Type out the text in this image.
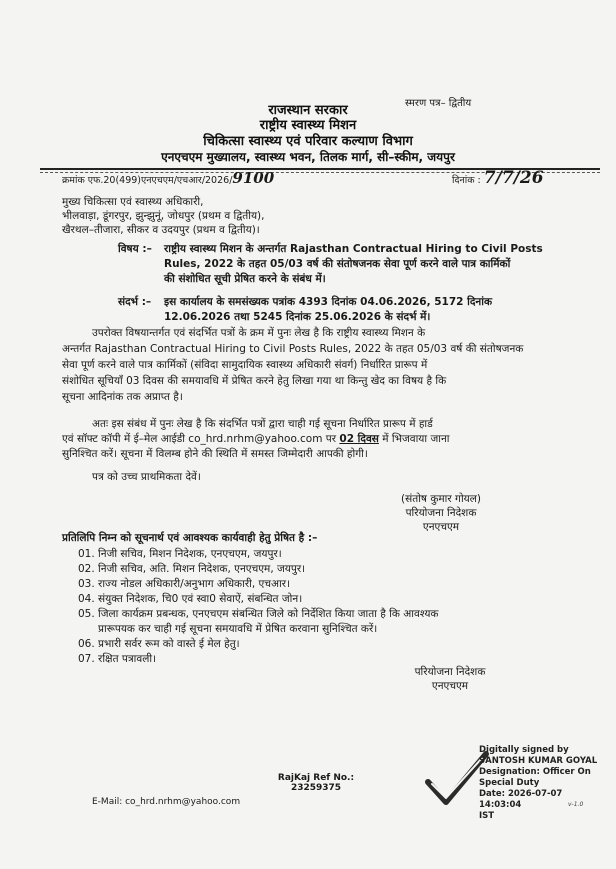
स्मरण पत्र– द्वितीय
राजस्थान सरकार
राष्ट्रीय स्वास्थ्य मिशन
चिकित्सा स्वास्थ्य एवं परिवार कल्याण विभाग
एनएचएम मुख्यालय, स्वास्थ्य भवन, तिलक मार्ग, सी–स्कीम, जयपुर
क्रमांक एफ.20(499)एनएचएम/एचआर/2026/9100	दिनांक : 7/7/26
मुख्य चिकित्सा एवं स्वास्थ्य अधिकारी,
भीलवाड़ा, डूंगरपुर, झुन्झुनूं, जोधपुर (प्रथम व द्वितीय),
खैरथल–तीजारा, सीकर व उदयपुर (प्रथम व द्वितीय)।
विषय :– राष्ट्रीय स्वास्थ्य मिशन के अन्तर्गत Rajasthan Contractual Hiring to Civil Posts
Rules, 2022 के तहत 05/03 वर्ष की संतोषजनक सेवा पूर्ण करने वाले पात्र कार्मिकों
की संशोधित सूची प्रेषित करने के संबंध में।
संदर्भ :– इस कार्यालय के समसंख्यक पत्रांक 4393 दिनांक 04.06.2026, 5172 दिनांक
12.06.2026 तथा 5245 दिनांक 25.06.2026 के संदर्भ में।
उपरोक्त विषयान्तर्गत एवं संदर्भित पत्रों के क्रम में पुनः लेख है कि राष्ट्रीय स्वास्थ्य मिशन के
अन्तर्गत Rajasthan Contractual Hiring to Civil Posts Rules, 2022 के तहत 05/03 वर्ष की संतोषजनक
सेवा पूर्ण करने वाले पात्र कार्मिकों (संविदा सामुदायिक स्वास्थ्य अधिकारी संवर्ग) निर्धारित प्रारूप में
संशोधित सूचियाँ 03 दिवस की समयावधि में प्रेषित करने हेतु लिखा गया था किन्तु खेद का विषय है कि
सूचना आदिनांक तक अप्राप्त है।
अतः इस संबंध में पुनः लेख है कि संदर्भित पत्रों द्वारा चाही गई सूचना निर्धारित प्रारूप में हार्ड
एवं सॉफ्ट कॉपी में ई–मेल आईडी co_hrd.nrhm@yahoo.com पर 02 दिवस में भिजवाया जाना
सुनिश्चित करें। सूचना में विलम्ब होने की स्थिति में समस्त जिम्मेदारी आपकी होगी।
पत्र को उच्च प्राथमिकता देवें।
(संतोष कुमार गोयल)
परियोजना निदेशक
एनएचएम
प्रतिलिपि निम्न को सूचनार्थ एवं आवश्यक कार्यवाही हेतु प्रेषित है :–
01. निजी सचिव, मिशन निदेशक, एनएचएम, जयपुर।
02. निजी सचिव, अति. मिशन निदेशक, एनएचएम, जयपुर।
03. राज्य नोडल अधिकारी/अनुभाग अधिकारी, एचआर।
04. संयुक्त निदेशक, चि0 एवं स्वा0 सेवाऐं, संबन्धित जोन।
05. जिला कार्यक्रम प्रबन्धक, एनएचएम संबन्धित जिले को निर्देशित किया जाता है कि आवश्यक
प्रारूपयक कर चाही गई सूचना समयावधि में प्रेषित करवाना सुनिश्चित करें।
06. प्रभारी सर्वर रूम को वास्ते ई मेल हेतु।
07. रक्षित पत्रावली।
परियोजना निदेशक
एनएचएम
RajKaj Ref No.:
23259375
E-Mail: co_hrd.nrhm@yahoo.com
Digitally signed by
SANTOSH KUMAR GOYAL
Designation: Officer On
Special Duty
Date: 2026-07-07 14:03:04
IST
v-1.0
